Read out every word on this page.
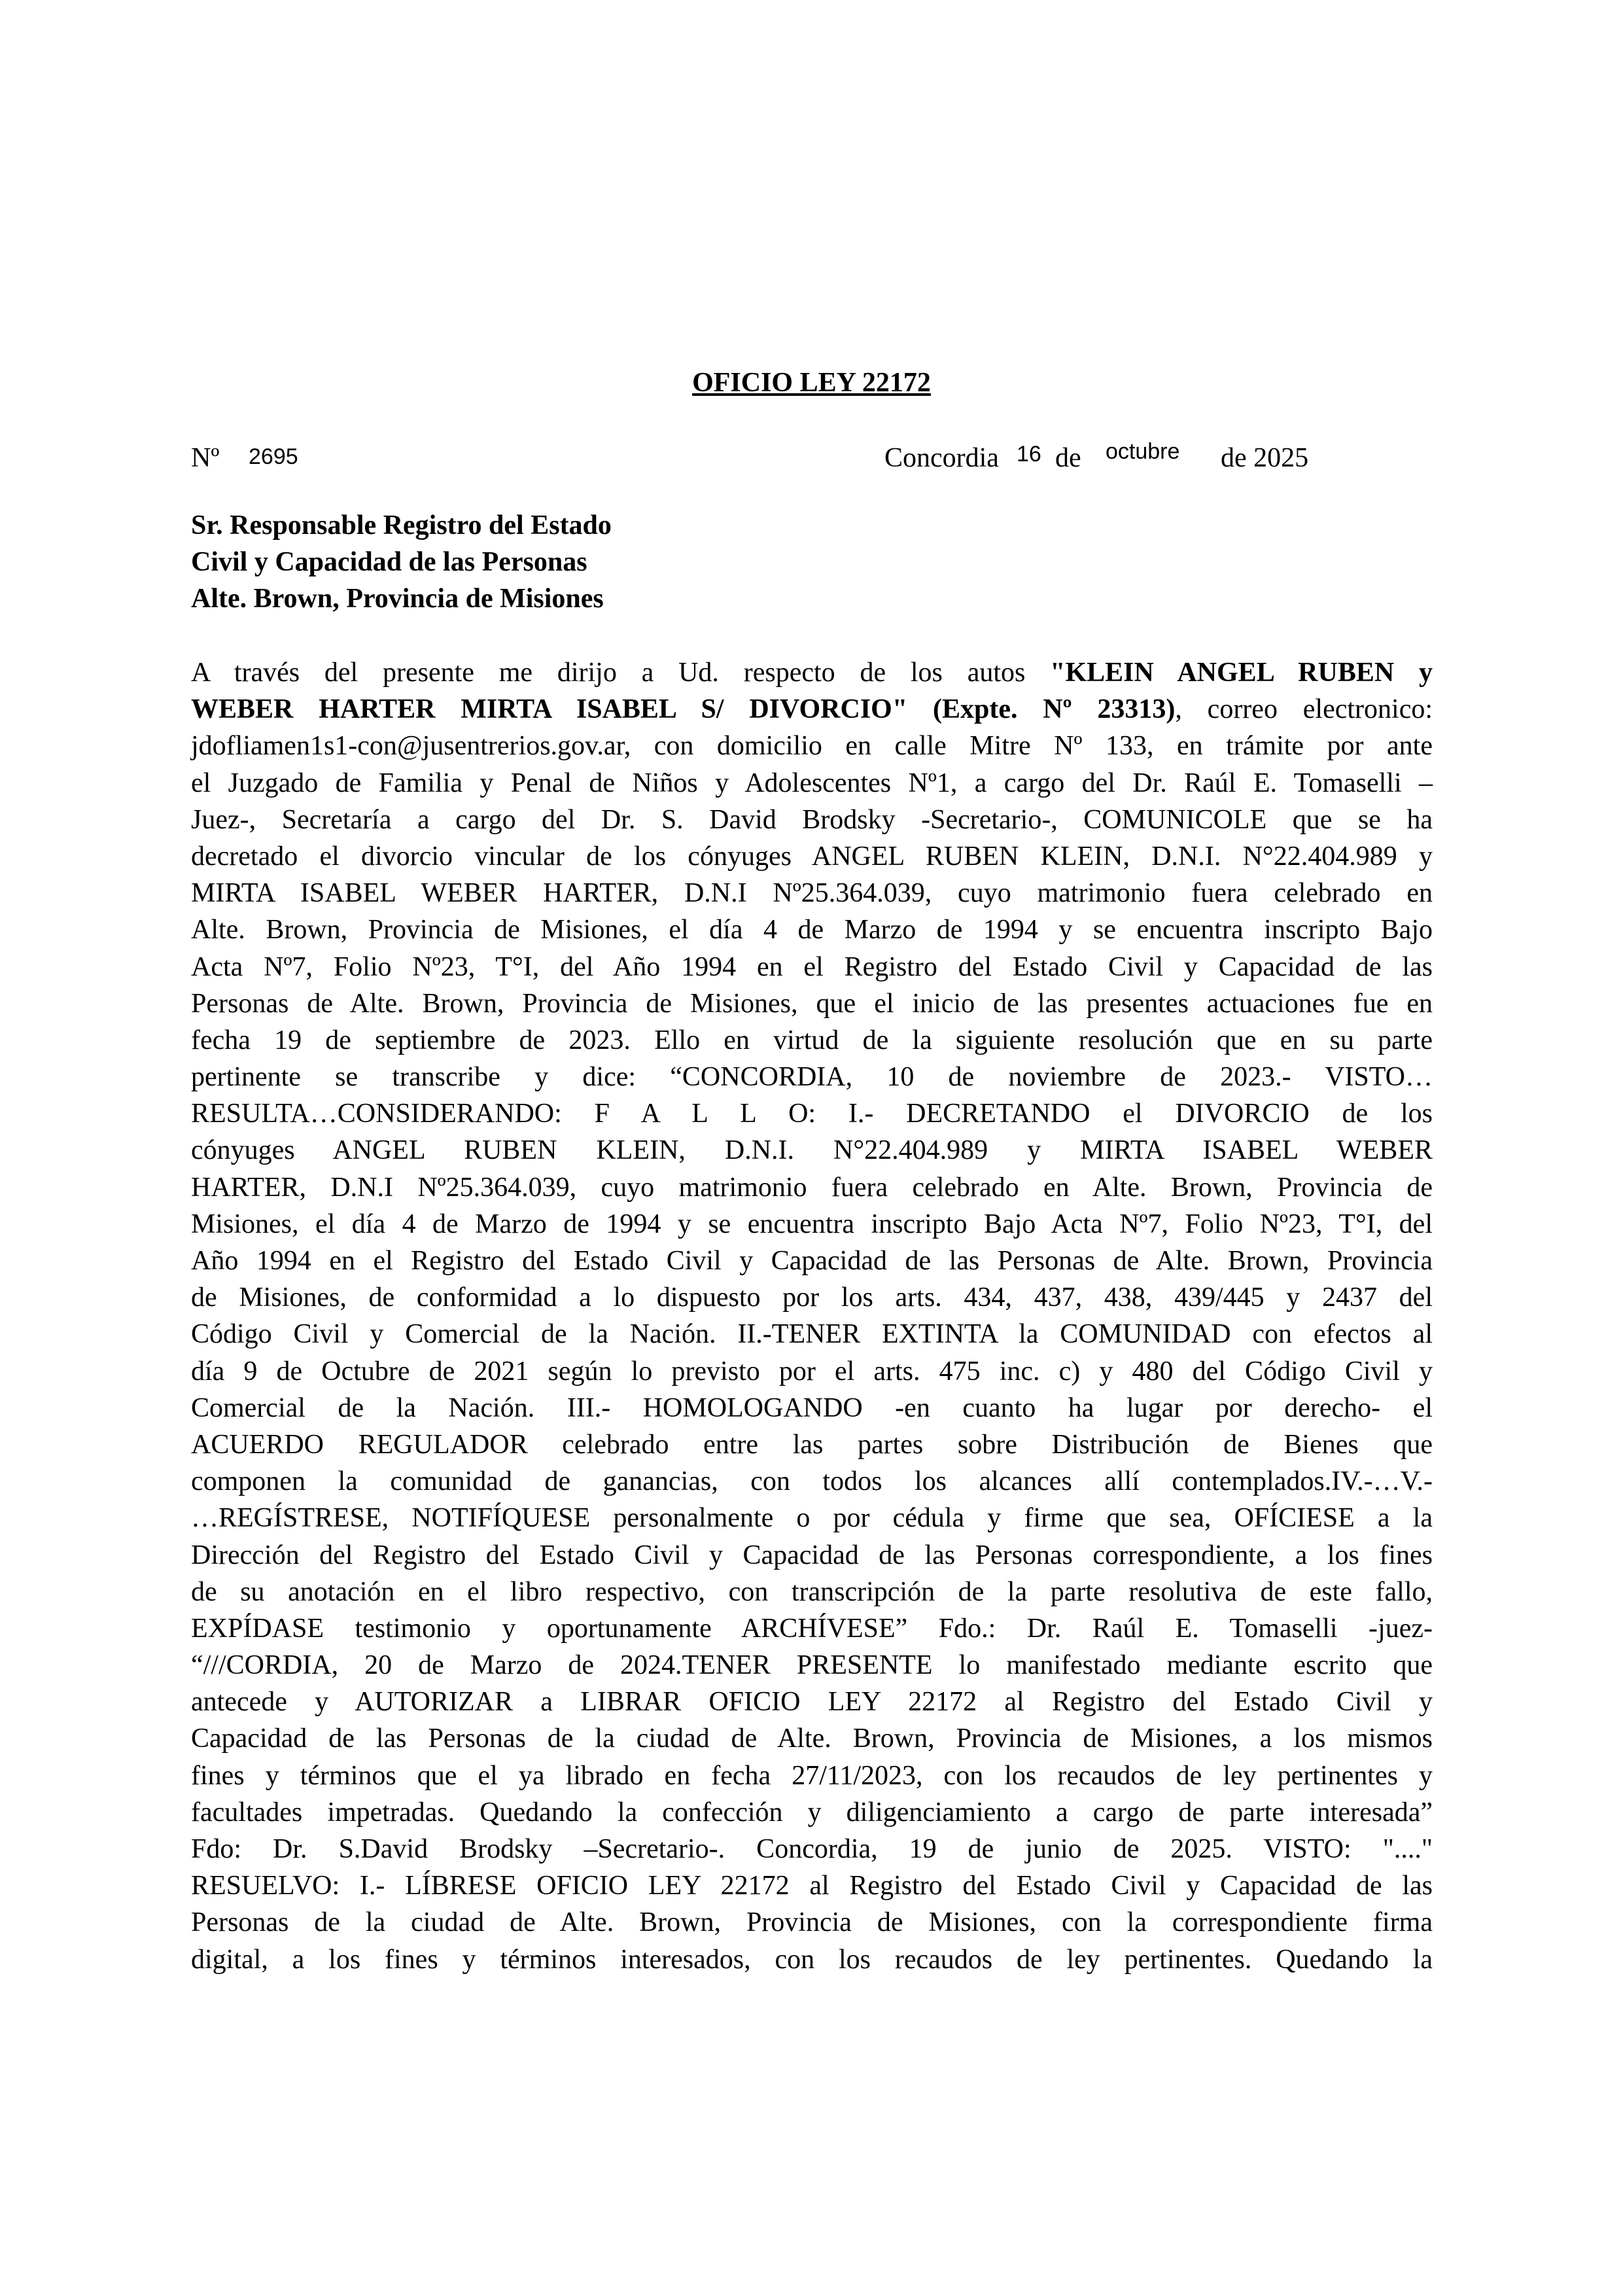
OFICIO LEY 22172
Nº 2695	Concordia 16 de octubre de 2025
Sr. Responsable Registro del Estado
Civil y Capacidad de las Personas
Alte. Brown, Provincia de Misiones
A través del presente me dirijo a Ud. respecto de los autos "KLEIN ANGEL RUBEN y
WEBER HARTER MIRTA ISABEL S/ DIVORCIO" (Expte. Nº 23313), correo electronico:
jdofliamen1s1-con@jusentrerios.gov.ar, con domicilio en calle Mitre Nº 133, en trámite por ante
el Juzgado de Familia y Penal de Niños y Adolescentes Nº1, a cargo del Dr. Raúl E. Tomaselli –
Juez-, Secretaría a cargo del Dr. S. David Brodsky -Secretario-, COMUNICOLE que se ha
decretado el divorcio vincular de los cónyuges ANGEL RUBEN KLEIN, D.N.I. N°22.404.989 y
MIRTA ISABEL WEBER HARTER, D.N.I Nº25.364.039, cuyo matrimonio fuera celebrado en
Alte. Brown, Provincia de Misiones, el día 4 de Marzo de 1994 y se encuentra inscripto Bajo
Acta Nº7, Folio Nº23, T°I, del Año 1994 en el Registro del Estado Civil y Capacidad de las
Personas de Alte. Brown, Provincia de Misiones, que el inicio de las presentes actuaciones fue en
fecha 19 de septiembre de 2023. Ello en virtud de la siguiente resolución que en su parte
pertinente se transcribe y dice: “CONCORDIA, 10 de noviembre de 2023.- VISTO…
RESULTA…CONSIDERANDO: F A L L O: I.- DECRETANDO el DIVORCIO de los
cónyuges ANGEL RUBEN KLEIN, D.N.I. N°22.404.989 y MIRTA ISABEL WEBER
HARTER, D.N.I Nº25.364.039, cuyo matrimonio fuera celebrado en Alte. Brown, Provincia de
Misiones, el día 4 de Marzo de 1994 y se encuentra inscripto Bajo Acta Nº7, Folio Nº23, T°I, del
Año 1994 en el Registro del Estado Civil y Capacidad de las Personas de Alte. Brown, Provincia
de Misiones, de conformidad a lo dispuesto por los arts. 434, 437, 438, 439/445 y 2437 del
Código Civil y Comercial de la Nación. II.-TENER EXTINTA la COMUNIDAD con efectos al
día 9 de Octubre de 2021 según lo previsto por el arts. 475 inc. c) y 480 del Código Civil y
Comercial de la Nación. III.- HOMOLOGANDO -en cuanto ha lugar por derecho- el
ACUERDO REGULADOR celebrado entre las partes sobre Distribución de Bienes que
componen la comunidad de ganancias, con todos los alcances allí contemplados.IV.-…V.-
…REGÍSTRESE, NOTIFÍQUESE personalmente o por cédula y firme que sea, OFÍCIESE a la
Dirección del Registro del Estado Civil y Capacidad de las Personas correspondiente, a los fines
de su anotación en el libro respectivo, con transcripción de la parte resolutiva de este fallo,
EXPÍDASE testimonio y oportunamente ARCHÍVESE” Fdo.: Dr. Raúl E. Tomaselli -juez-
“///CORDIA, 20 de Marzo de 2024.TENER PRESENTE lo manifestado mediante escrito que
antecede y AUTORIZAR a LIBRAR OFICIO LEY 22172 al Registro del Estado Civil y
Capacidad de las Personas de la ciudad de Alte. Brown, Provincia de Misiones, a los mismos
fines y términos que el ya librado en fecha 27/11/2023, con los recaudos de ley pertinentes y
facultades impetradas. Quedando la confección y diligenciamiento a cargo de parte interesada”
Fdo: Dr. S.David Brodsky –Secretario-. Concordia, 19 de junio de 2025. VISTO: "...."
RESUELVO: I.- LÍBRESE OFICIO LEY 22172 al Registro del Estado Civil y Capacidad de las
Personas de la ciudad de Alte. Brown, Provincia de Misiones, con la correspondiente firma
digital, a los fines y términos interesados, con los recaudos de ley pertinentes. Quedando la
